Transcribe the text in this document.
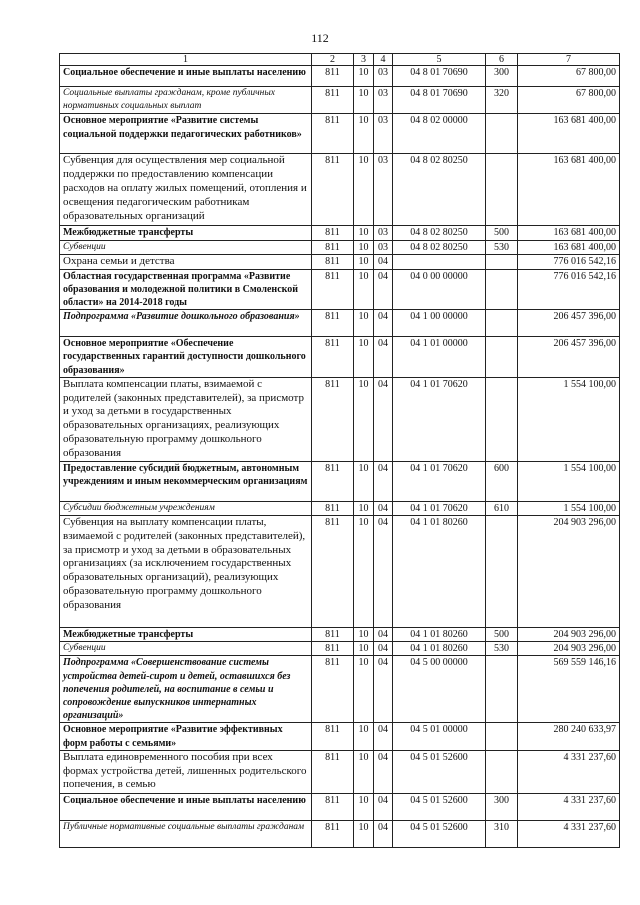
112
1	2	3	4	5	6	7
Социальное обеспечение и иные выплаты населению	811	10	03	04 8 01 70690	300	67 800,00
Социальные выплаты гражданам, кроме публичных нормативных социальных выплат	811	10	03	04 8 01 70690	320	67 800,00
Основное мероприятие «Развитие системы социальной поддержки педагогических работников»	811	10	03	04 8 02 00000		163 681 400,00
Субвенция для осуществления мер социальной поддержки по предоставлению компенсации расходов на оплату жилых помещений, отопления и освещения педагогическим работникам образовательных организаций	811	10	03	04 8 02 80250		163 681 400,00
Межбюджетные трансферты	811	10	03	04 8 02 80250	500	163 681 400,00
Субвенции	811	10	03	04 8 02 80250	530	163 681 400,00
Охрана семьи и детства	811	10	04			776 016 542,16
Областная государственная программа «Развитие образования и молодежной политики в Смоленской области» на 2014-2018 годы	811	10	04	04 0 00 00000		776 016 542,16
Подпрограмма «Развитие дошкольного образования»	811	10	04	04 1 00 00000		206 457 396,00
Основное мероприятие «Обеспечение государственных гарантий доступности дошкольного образования»	811	10	04	04 1 01 00000		206 457 396,00
Выплата компенсации платы, взимаемой с родителей (законных представителей), за присмотр и уход за детьми в государственных образовательных организациях, реализующих образовательную программу дошкольного образования	811	10	04	04 1 01 70620		1 554 100,00
Предоставление субсидий бюджетным, автономным учреждениям и иным некоммерческим организациям	811	10	04	04 1 01 70620	600	1 554 100,00
Субсидии бюджетным учреждениям	811	10	04	04 1 01 70620	610	1 554 100,00
Субвенция на выплату компенсации платы, взимаемой с родителей (законных представителей), за присмотр и уход за детьми в образовательных организациях (за исключением государственных образовательных организаций), реализующих образовательную программу дошкольного образования	811	10	04	04 1 01 80260		204 903 296,00
Межбюджетные трансферты	811	10	04	04 1 01 80260	500	204 903 296,00
Субвенции	811	10	04	04 1 01 80260	530	204 903 296,00
Подпрограмма «Совершенствование системы устройства детей-сирот и детей, оставшихся без попечения родителей, на воспитание в семьи и сопровождение выпускников интернатных организаций»	811	10	04	04 5 00 00000		569 559 146,16
Основное мероприятие «Развитие эффективных форм работы с семьями»	811	10	04	04 5 01 00000		280 240 633,97
Выплата единовременного пособия при всех формах устройства детей, лишенных родительского попечения, в семью	811	10	04	04 5 01 52600		4 331 237,60
Социальное обеспечение и иные выплаты населению	811	10	04	04 5 01 52600	300	4 331 237,60
Публичные нормативные социальные выплаты гражданам	811	10	04	04 5 01 52600	310	4 331 237,60
